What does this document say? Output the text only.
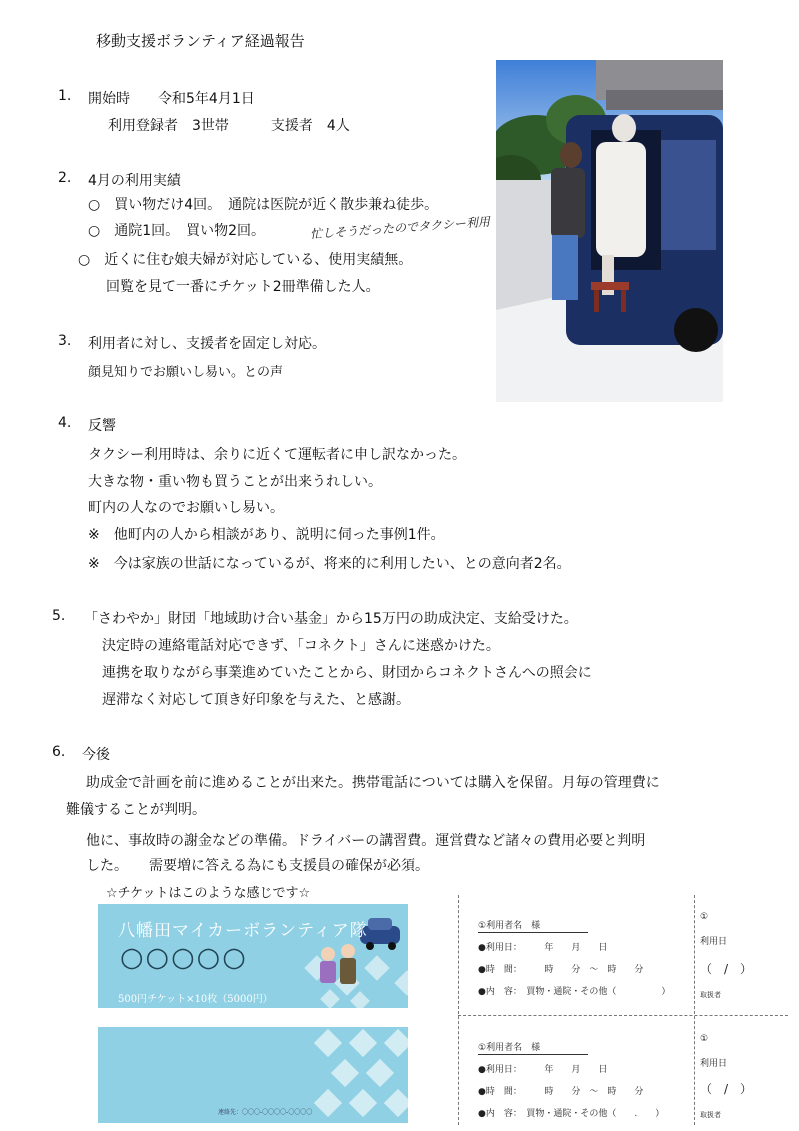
移動支援ボランティア経過報告
1. 開始時　　令和5年4月1日
利用登録者　3世帯　　　支援者　4人
2. 4月の利用実績
○　買い物だけ4回。　通院は医院が近く散歩兼ね徒歩。
○　通院1回。　買い物2回。	忙しそうだったのでタクシー利用
○　近くに住む娘夫婦が対応している、使用実績無。
回覧を見て一番にチケット2冊準備した人。
3. 利用者に対し、支援者を固定し対応。
顔見知りでお願いし易い。との声
4. 反響
タクシー利用時は、余りに近くて運転者に申し訳なかった。
大きな物・重い物も買うことが出来うれしい。
町内の人なのでお願いし易い。
※　他町内の人から相談があり、説明に伺った事例1件。
※　今は家族の世話になっているが、将来的に利用したい、との意向者2名。
5. 「さわやか」財団「地域助け合い基金」から15万円の助成決定、支給受けた。
決定時の連絡電話対応できず、「コネクト」さんに迷惑かけた。
連携を取りながら事業進めていたことから、財団からコネクトさんへの照会に
遅滞なく対応して頂き好印象を与えた、と感謝。
6. 今後
助成金で計画を前に進めることが出来た。携帯電話については購入を保留。月毎の管理費に
難儀することが判明。
他に、事故時の謝金などの準備。ドライバーの講習費。運営費など諸々の費用必要と判明
した。　　需要増に答える為にも支援員の確保が必須。
☆チケットはこのような感じです☆
八幡田マイカーボランティア隊
○○○○○
500円チケット×10枚（5000円）
連絡先：〇〇〇-〇〇〇〇-〇〇〇〇
①利用者名　様
●利用日：　　　年　　月　　日
●時　間：　　　時　　分　～　時　　分
●内　容：　買物・通院・その他（　　　　　）
①
利用日
（　/　）
取扱者
①利用者名　様
●利用日：　　　年　　月　　日
●時　間：　　　時　　分　～　時　　分
●内　容：　買物・通院・その他（　　.　　）
①
利用日
（　/　）
取扱者
